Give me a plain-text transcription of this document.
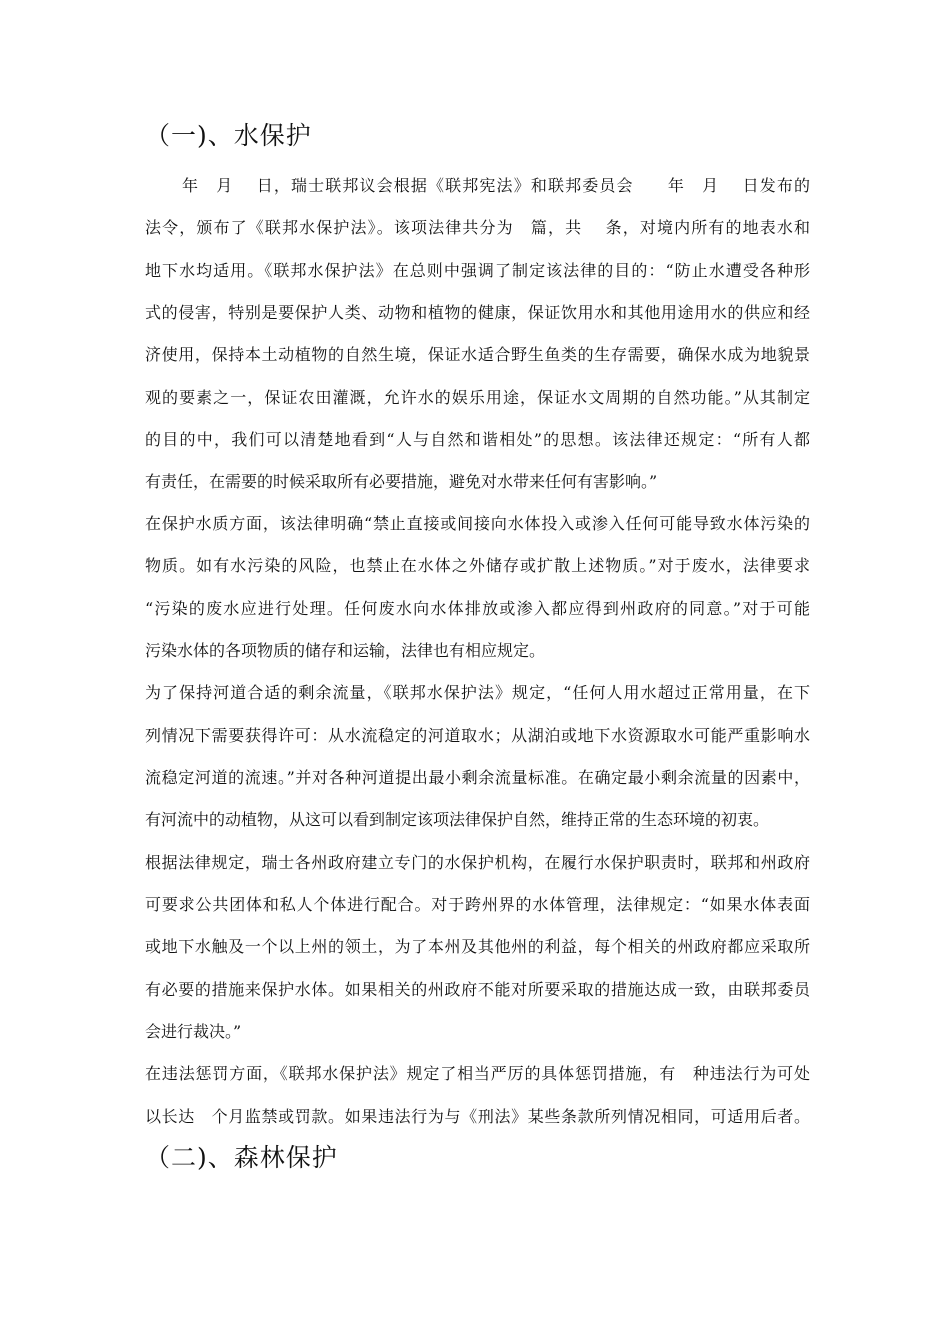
（一)、水保护
年　月　 日，瑞士联邦议会根据《联邦宪法》和联邦委员会　　年　月　 日发布的
法令，颁布了《联邦水保护法》。该项法律共分为　篇，共　 条，对境内所有的地表水和
地下水均适用。《联邦水保护法》在总则中强调了制定该法律的目的：“防止水遭受各种形
式的侵害，特别是要保护人类、动物和植物的健康，保证饮用水和其他用途用水的供应和经
济使用，保持本土动植物的自然生境，保证水适合野生鱼类的生存需要，确保水成为地貌景
观的要素之一，保证农田灌溉，允许水的娱乐用途，保证水文周期的自然功能。”从其制定
的目的中，我们可以清楚地看到“人与自然和谐相处”的思想。该法律还规定：“所有人都
有责任，在需要的时候采取所有必要措施，避免对水带来任何有害影响。”
在保护水质方面，该法律明确“禁止直接或间接向水体投入或渗入任何可能导致水体污染的
物质。如有水污染的风险，也禁止在水体之外储存或扩散上述物质。”对于废水，法律要求
“污染的废水应进行处理。任何废水向水体排放或渗入都应得到州政府的同意。”对于可能
污染水体的各项物质的储存和运输，法律也有相应规定。
为了保持河道合适的剩余流量，《联邦水保护法》规定，“任何人用水超过正常用量，在下
列情况下需要获得许可：从水流稳定的河道取水；从湖泊或地下水资源取水可能严重影响水
流稳定河道的流速。”并对各种河道提出最小剩余流量标准。在确定最小剩余流量的因素中，
有河流中的动植物，从这可以看到制定该项法律保护自然，维持正常的生态环境的初衷。
根据法律规定，瑞士各州政府建立专门的水保护机构，在履行水保护职责时，联邦和州政府
可要求公共团体和私人个体进行配合。对于跨州界的水体管理，法律规定：“如果水体表面
或地下水触及一个以上州的领土，为了本州及其他州的利益，每个相关的州政府都应采取所
有必要的措施来保护水体。如果相关的州政府不能对所要采取的措施达成一致，由联邦委员
会进行裁决。”
在违法惩罚方面，《联邦水保护法》规定了相当严厉的具体惩罚措施，有　种违法行为可处
以长达　个月监禁或罚款。如果违法行为与《刑法》某些条款所列情况相同，可适用后者。
（二)、森林保护
